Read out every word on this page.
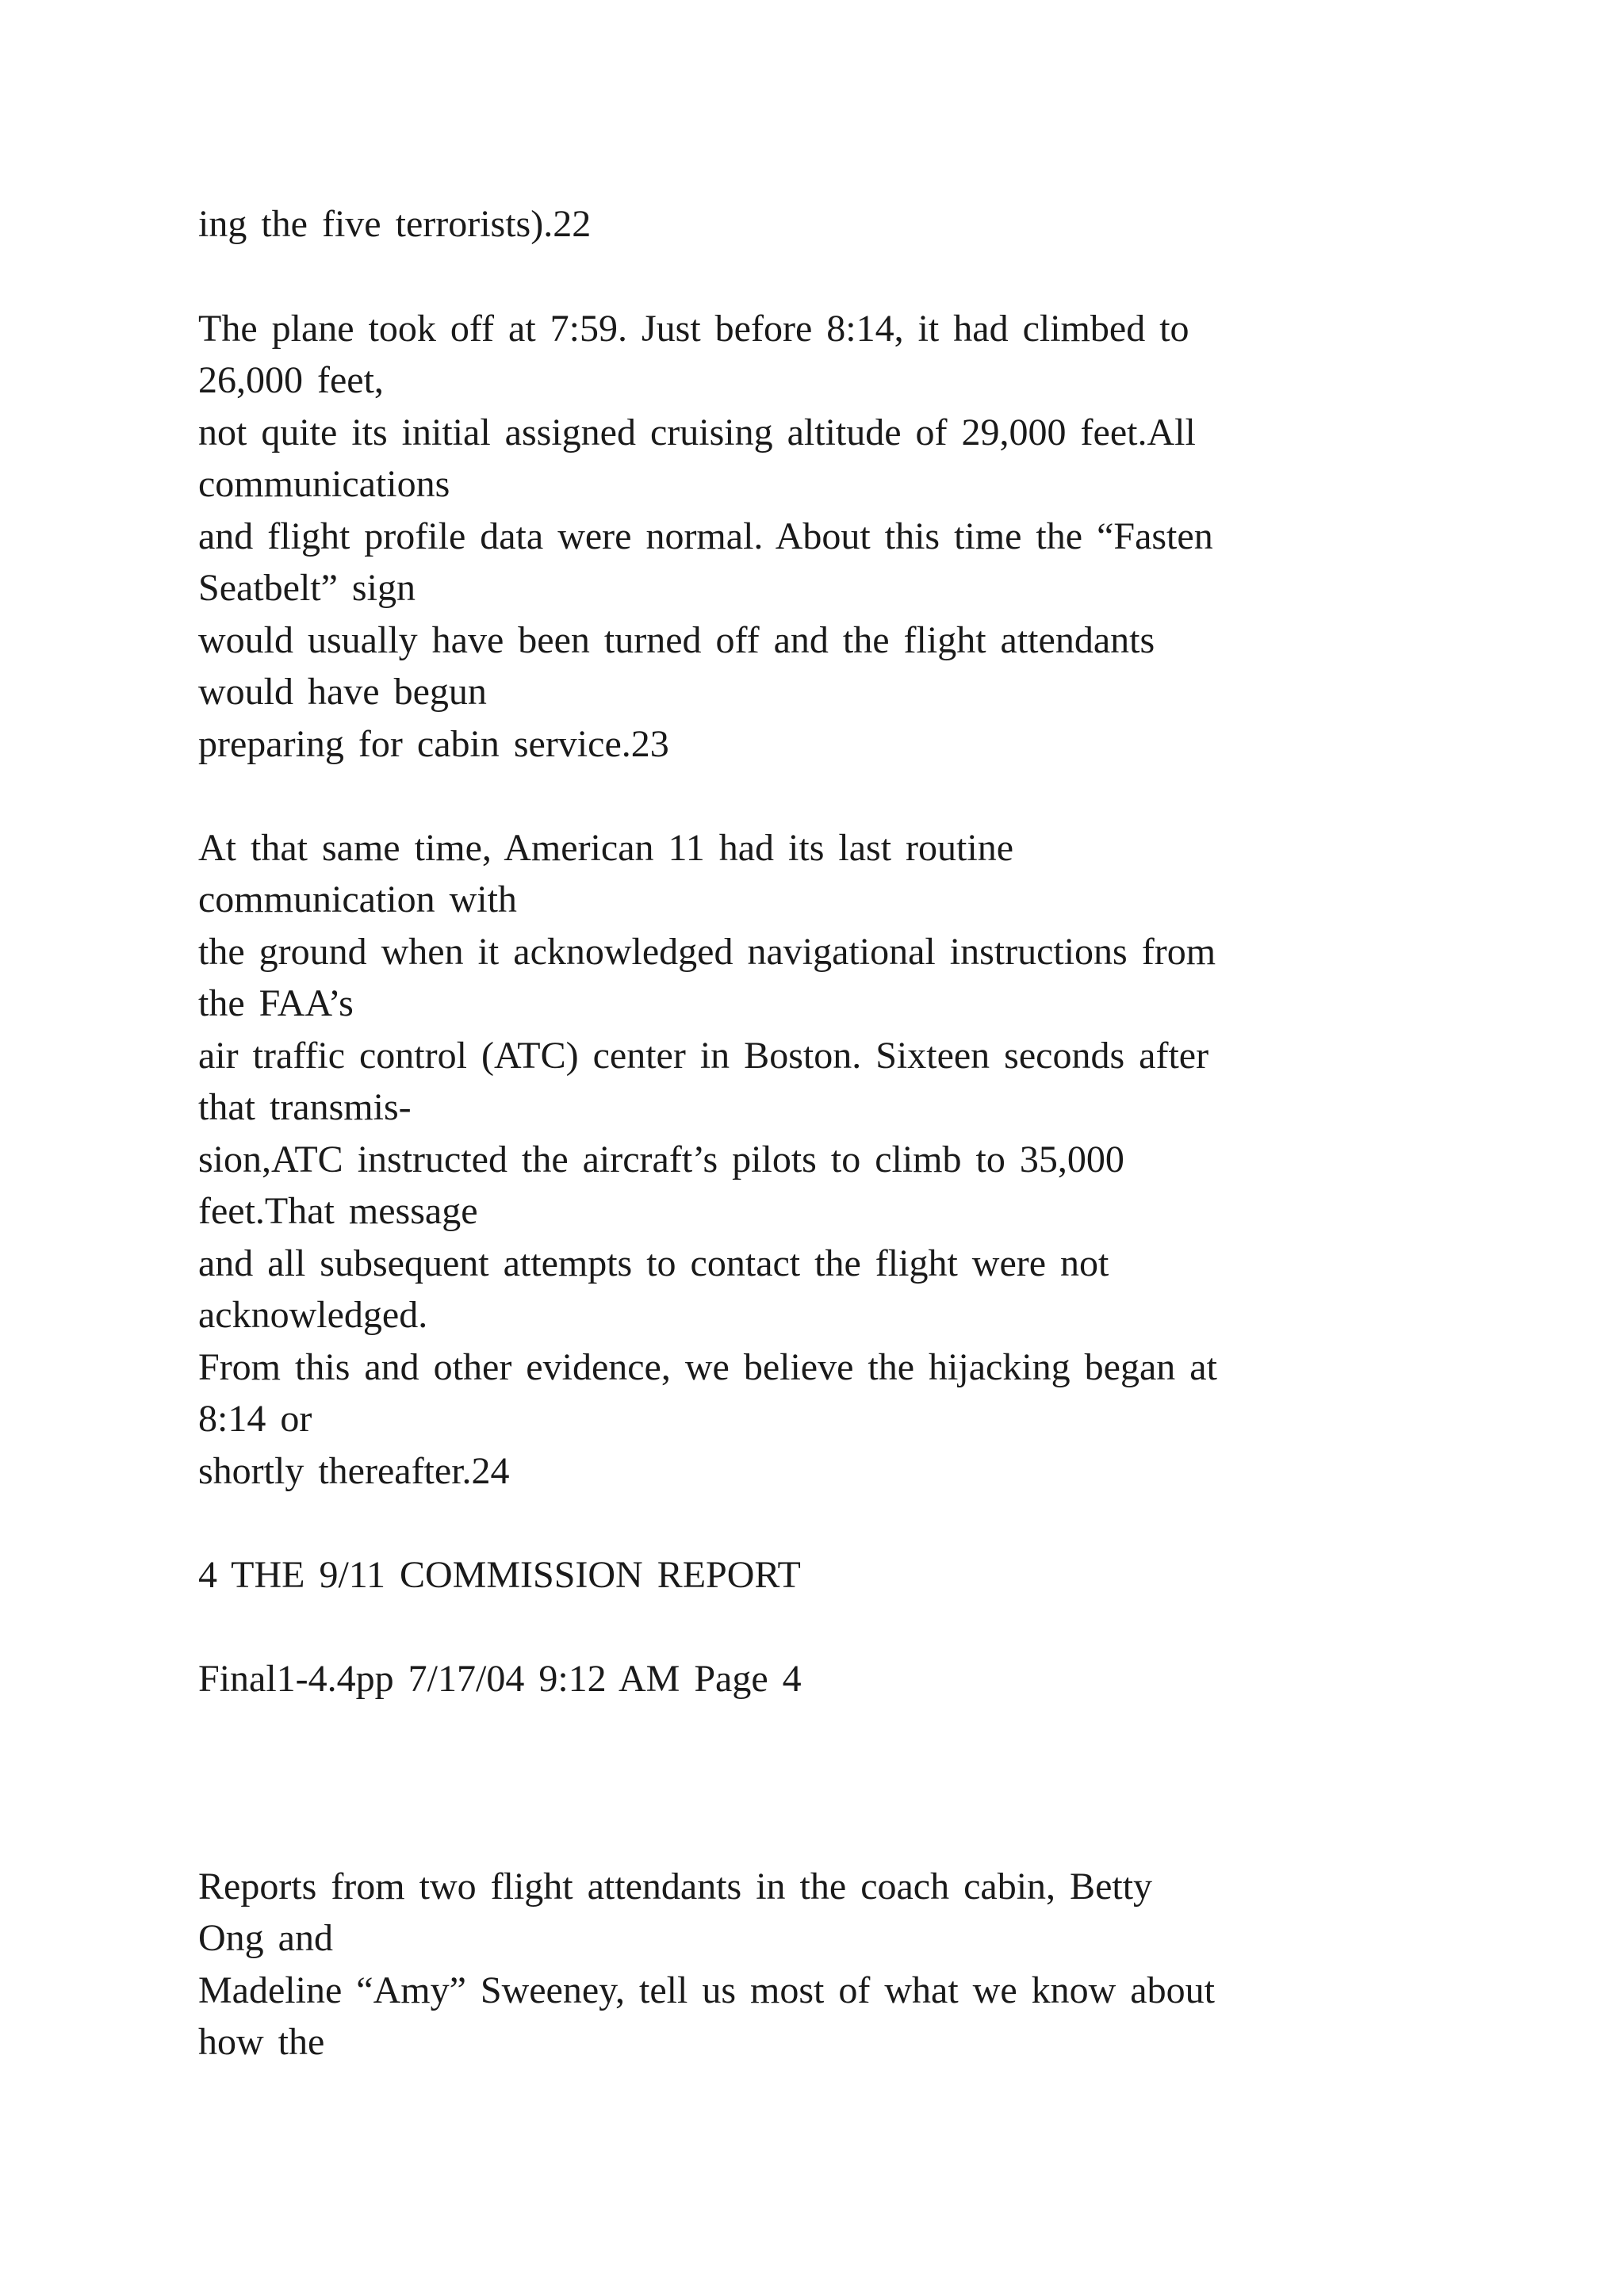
ing the five terrorists).22

The plane took off at 7:59. Just before 8:14, it had climbed to

26,000 feet,

not quite its initial assigned cruising altitude of 29,000 feet.All

communications

and flight profile data were normal. About this time the “Fasten

Seatbelt” sign

would usually have been turned off and the flight attendants

would have begun

preparing for cabin service.23

At that same time, American 11 had its last routine

communication with

the ground when it acknowledged navigational instructions from

the FAA’s

air traffic control (ATC) center in Boston. Sixteen seconds after

that transmis-

sion,ATC instructed the aircraft’s pilots to climb to 35,000

feet.That message

and all subsequent attempts to contact the flight were not

acknowledged.

From this and other evidence, we believe the hijacking began at

8:14 or

shortly thereafter.24

4 THE 9/11 COMMISSION REPORT

Final1-4.4pp 7/17/04 9:12 AM Page 4

Reports from two flight attendants in the coach cabin, Betty

Ong and

Madeline “Amy” Sweeney, tell us most of what we know about

how the
